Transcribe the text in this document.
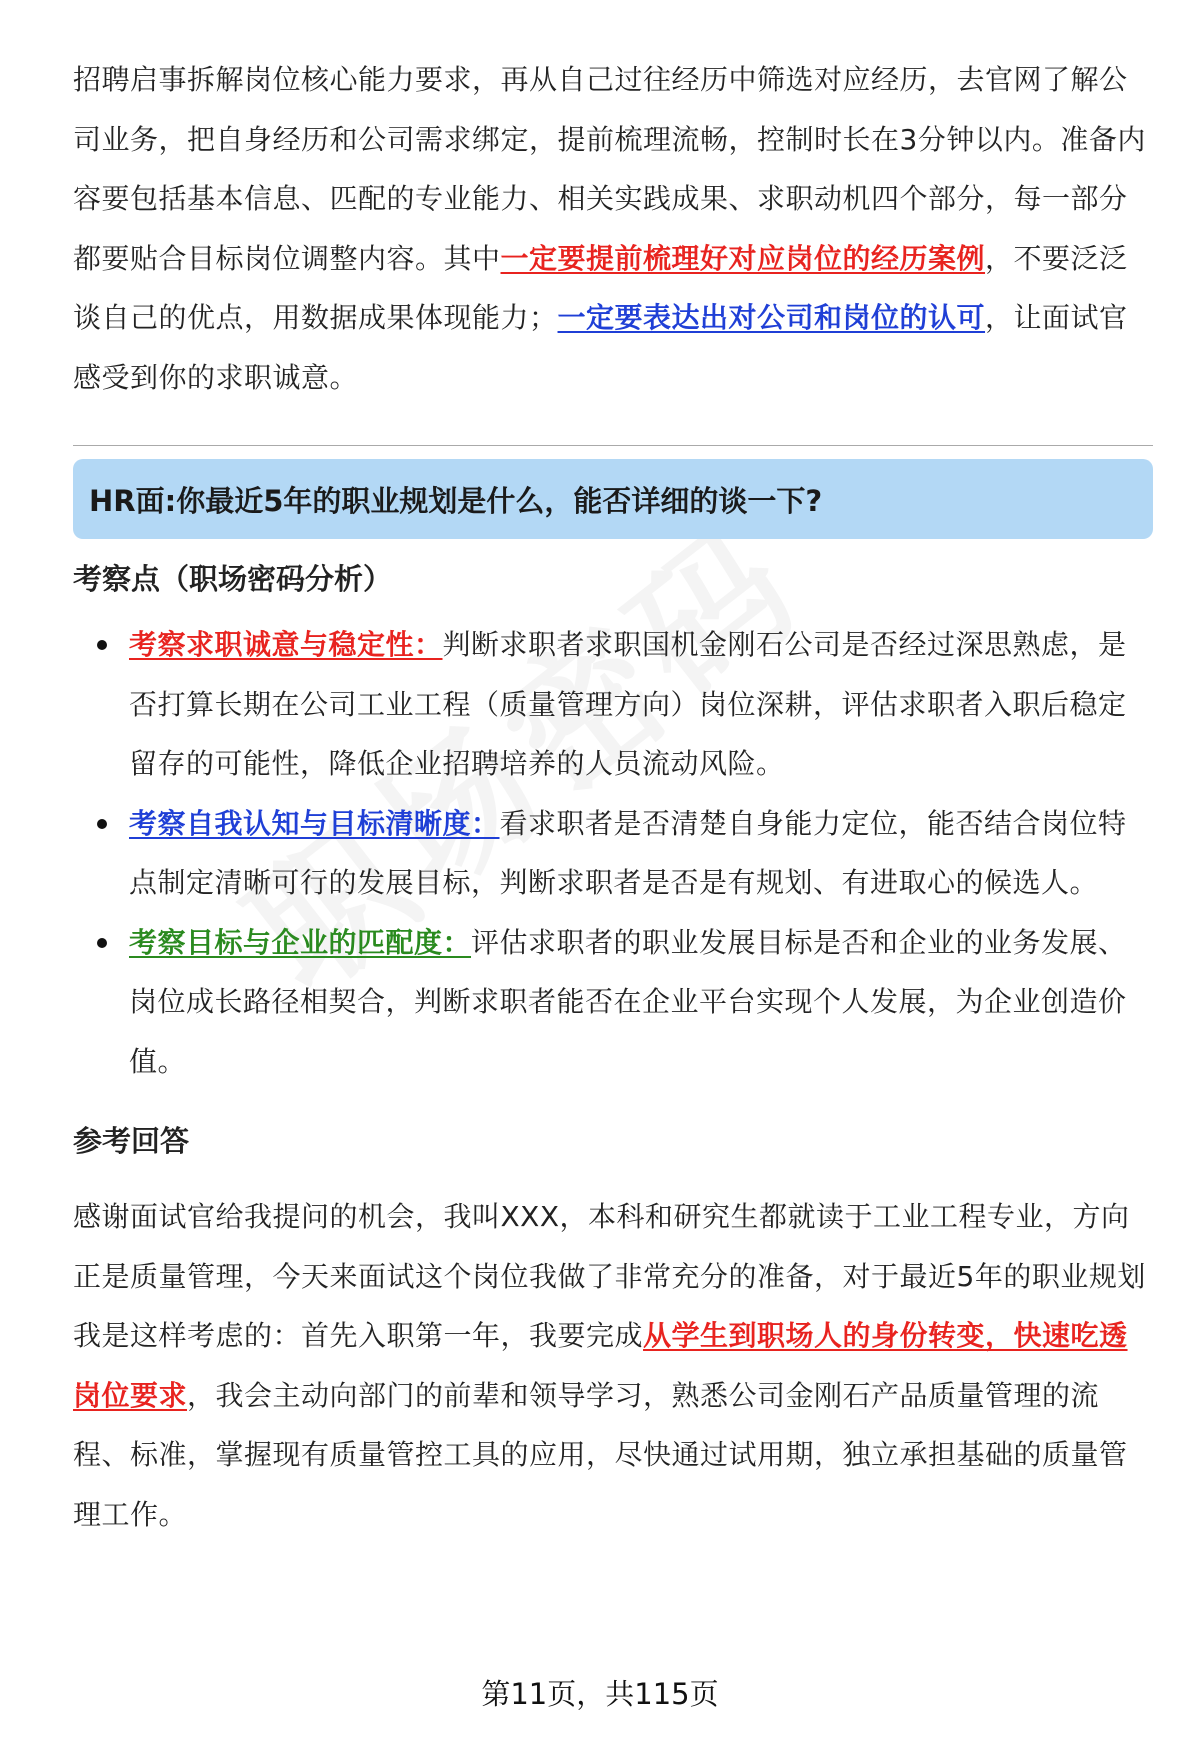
招聘启事拆解岗位核心能力要求，再从自己过往经历中筛选对应经历，去官网了解公司业务，把自身经历和公司需求绑定，提前梳理流畅，控制时长在3分钟以内。准备内容要包括基本信息、匹配的专业能力、相关实践成果、求职动机四个部分，每一部分都要贴合目标岗位调整内容。其中一定要提前梳理好对应岗位的经历案例，不要泛泛谈自己的优点，用数据成果体现能力；一定要表达出对公司和岗位的认可，让面试官感受到你的求职诚意。

HR面:你最近5年的职业规划是什么，能否详细的谈一下?
考察点（职场密码分析）
考察求职诚意与稳定性：判断求职者求职国机金刚石公司是否经过深思熟虑，是否打算长期在公司工业工程（质量管理方向）岗位深耕，评估求职者入职后稳定留存的可能性，降低企业招聘培养的人员流动风险。
考察自我认知与目标清晰度：看求职者是否清楚自身能力定位，能否结合岗位特点制定清晰可行的发展目标，判断求职者是否是有规划、有进取心的候选人。
考察目标与企业的匹配度：评估求职者的职业发展目标是否和企业的业务发展、岗位成长路径相契合，判断求职者能否在企业平台实现个人发展，为企业创造价值。
参考回答

感谢面试官给我提问的机会，我叫XXX，本科和研究生都就读于工业工程专业，方向正是质量管理，今天来面试这个岗位我做了非常充分的准备，对于最近5年的职业规划我是这样考虑的：首先入职第一年，我要完成从学生到职场人的身份转变，快速吃透岗位要求，我会主动向部门的前辈和领导学习，熟悉公司金刚石产品质量管理的流程、标准，掌握现有质量管控工具的应用，尽快通过试用期，独立承担基础的质量管理工作。

第11页，共115页
